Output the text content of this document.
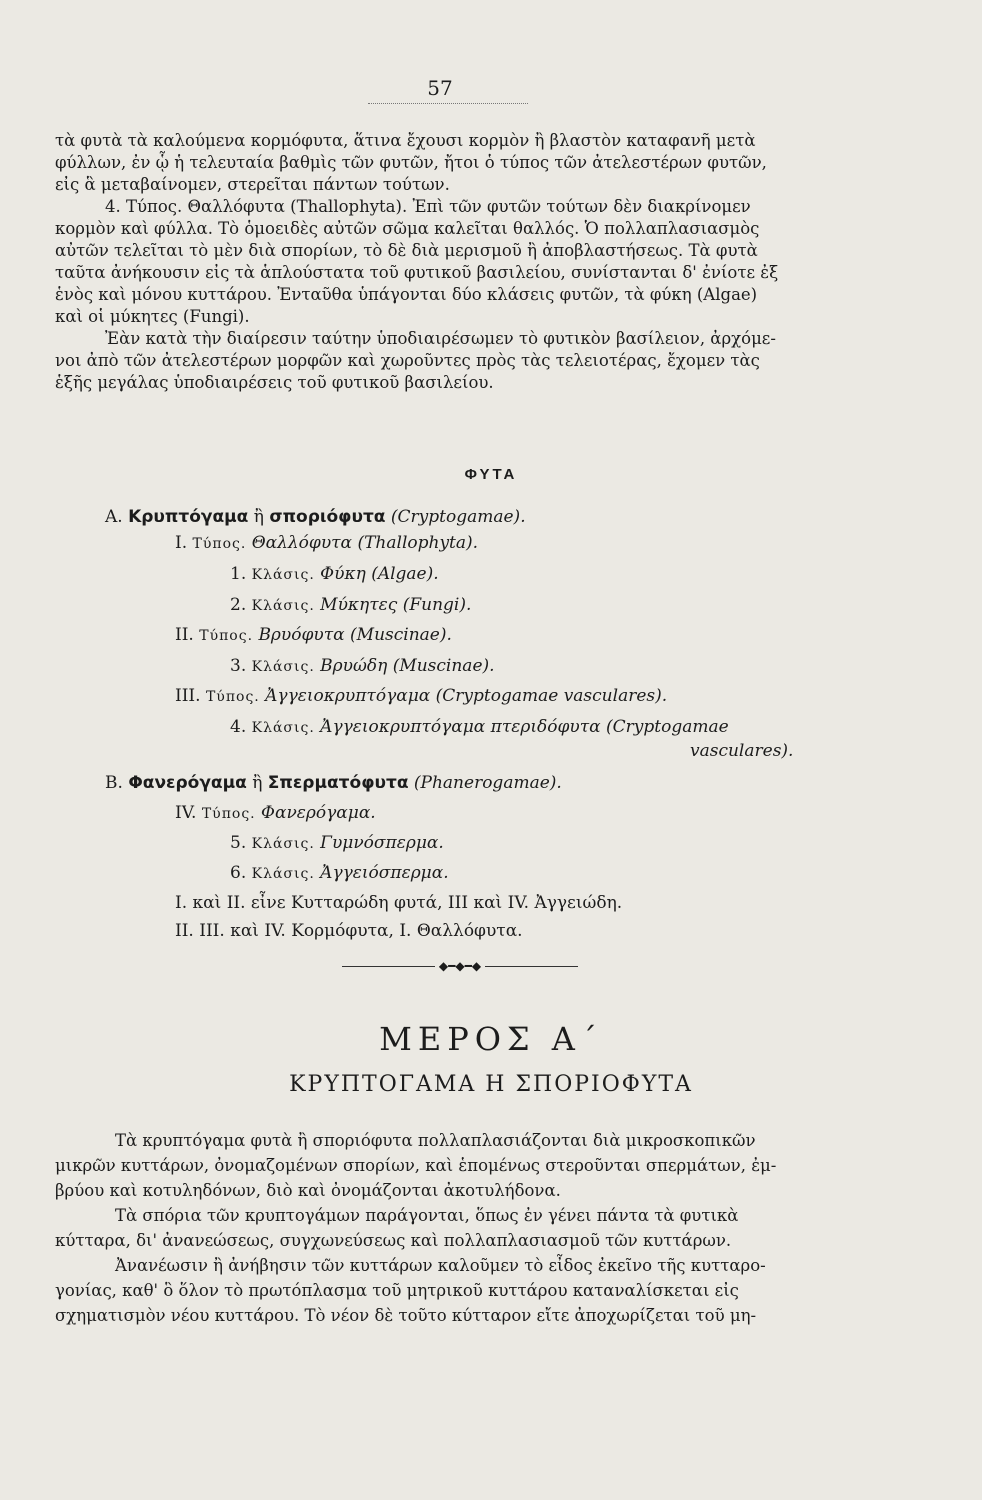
57
τὰ φυτὰ τὰ καλούμενα κορμόφυτα, ἅτινα ἔχουσι κορμὸν ἢ βλαστὸν καταφανῆ μετὰ
φύλλων, ἐν ᾧ ἡ τελευταία βαθμὶς τῶν φυτῶν, ἤτοι ὁ τύπος τῶν ἀτελεστέρων φυτῶν,
εἰς ἃ μεταβαίνομεν, στερεῖται πάντων τούτων.
4. Τύπος. Θαλλόφυτα (Thallophyta). Ἐπὶ τῶν φυτῶν τούτων δὲν διακρίνομεν
κορμὸν καὶ φύλλα. Τὸ ὁμοειδὲς αὐτῶν σῶμα καλεῖται θαλλός. Ὁ πολλαπλασιασμὸς
αὐτῶν τελεῖται τὸ μὲν διὰ σπορίων, τὸ δὲ διὰ μερισμοῦ ἢ ἀποβλαστήσεως. Τὰ φυτὰ
ταῦτα ἀνήκουσιν εἰς τὰ ἁπλούστατα τοῦ φυτικοῦ βασιλείου, συνίστανται δ' ἐνίοτε ἐξ
ἑνὸς καὶ μόνου κυττάρου. Ἐνταῦθα ὑπάγονται δύο κλάσεις φυτῶν, τὰ φύκη (Algae)
καὶ οἱ μύκητες (Fungi).
Ἐὰν κατὰ τὴν διαίρεσιν ταύτην ὑποδιαιρέσωμεν τὸ φυτικὸν βασίλειον, ἀρχόμε-
νοι ἀπὸ τῶν ἀτελεστέρων μορφῶν καὶ χωροῦντες πρὸς τὰς τελειοτέρας, ἔχομεν τὰς
ἑξῆς μεγάλας ὑποδιαιρέσεις τοῦ φυτικοῦ βασιλείου.
ΦΥΤΑ
Α. Κρυπτόγαμα ἢ σποριόφυτα (Cryptogamae).
I. Τύπος. Θαλλόφυτα (Thallophyta).
1. Κλάσις. Φύκη (Algae).
2. Κλάσις. Μύκητες (Fungi).
II. Τύπος. Βρυόφυτα (Muscinae).
3. Κλάσις. Βρυώδη (Muscinae).
III. Τύπος. Ἀγγειοκρυπτόγαμα (Cryptogamae vasculares).
4. Κλάσις. Ἀγγειοκρυπτόγαμα πτεριδόφυτα (Cryptogamae
vasculares).
Β. Φανερόγαμα ἢ Σπερματόφυτα (Phanerogamae).
IV. Τύπος. Φανερόγαμα.
5. Κλάσις. Γυμνόσπερμα.
6. Κλάσις. Ἀγγειόσπερμα.
I. καὶ II. εἶνε Κυτταρώδη φυτά, III καὶ IV. Ἀγγειώδη.
II. III. καὶ IV. Κορμόφυτα, I. Θαλλόφυτα.
◆━◆━◆
ΜΕΡΟΣ Α΄
ΚΡΥΠΤΟΓΑΜΑ Η ΣΠΟΡΙΟΦΥΤΑ
Τὰ κρυπτόγαμα φυτὰ ἢ σποριόφυτα πολλαπλασιάζονται διὰ μικροσκοπικῶν
μικρῶν κυττάρων, ὀνομαζομένων σπορίων, καὶ ἑπομένως στεροῦνται σπερμάτων, ἐμ-
βρύου καὶ κοτυληδόνων, διὸ καὶ ὀνομάζονται ἀκοτυλήδονα.
Τὰ σπόρια τῶν κρυπτογάμων παράγονται, ὅπως ἐν γένει πάντα τὰ φυτικὰ
κύτταρα, δι' ἀνανεώσεως, συγχωνεύσεως καὶ πολλαπλασιασμοῦ τῶν κυττάρων.
Ἀνανέωσιν ἢ ἀνήβησιν τῶν κυττάρων καλοῦμεν τὸ εἶδος ἐκεῖνο τῆς κυτταρο-
γονίας, καθ' ὃ ὅλον τὸ πρωτόπλασμα τοῦ μητρικοῦ κυττάρου καταναλίσκεται εἰς
σχηματισμὸν νέου κυττάρου. Τὸ νέον δὲ τοῦτο κύτταρον εἴτε ἀποχωρίζεται τοῦ μη-
